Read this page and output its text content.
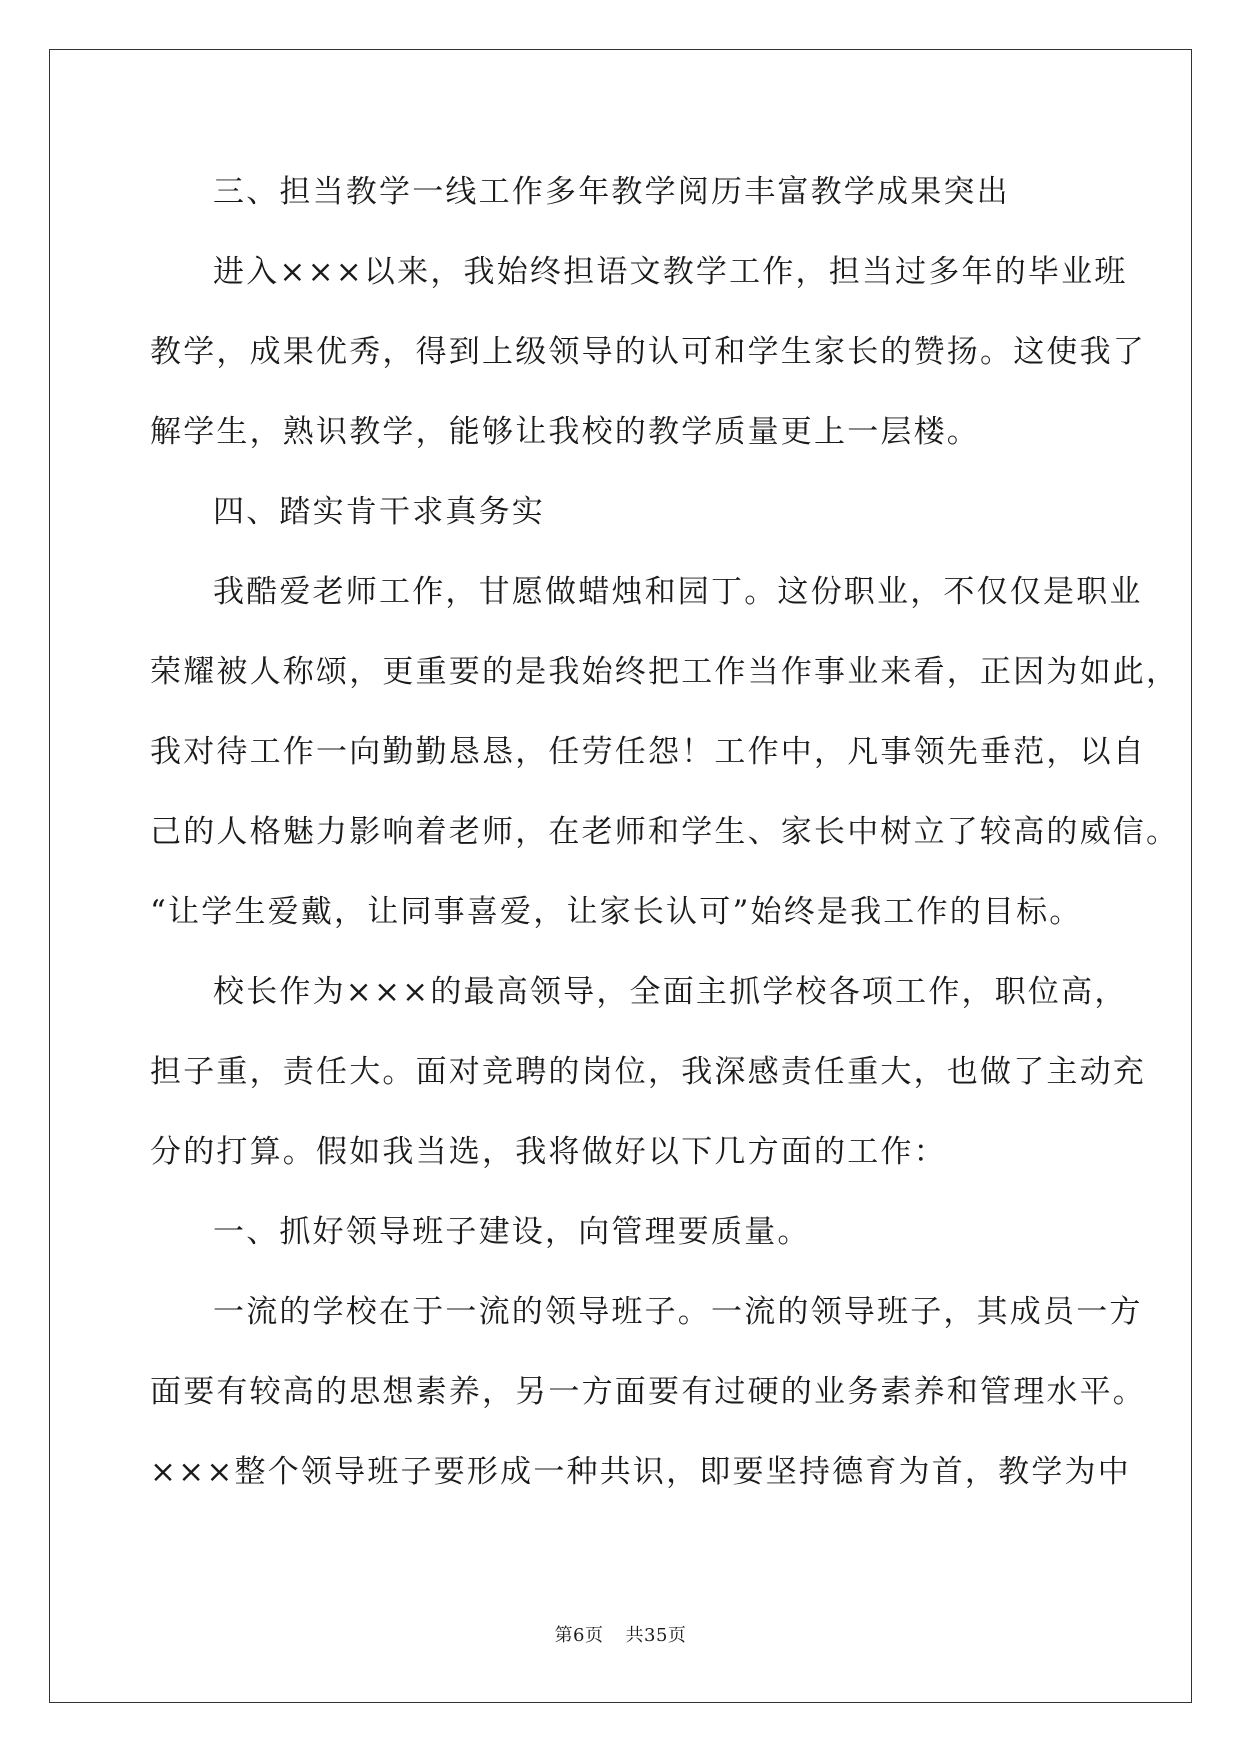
三、担当教学一线工作多年教学阅历丰富教学成果突出
进入×××以来，我始终担语文教学工作，担当过多年的毕业班
教学，成果优秀，得到上级领导的认可和学生家长的赞扬。这使我了
解学生，熟识教学，能够让我校的教学质量更上一层楼。
四、踏实肯干求真务实
我酷爱老师工作，甘愿做蜡烛和园丁。这份职业，不仅仅是职业
荣耀被人称颂，更重要的是我始终把工作当作事业来看，正因为如此，
我对待工作一向勤勤恳恳，任劳任怨！工作中，凡事领先垂范，以自
己的人格魅力影响着老师，在老师和学生、家长中树立了较高的威信。
“让学生爱戴，让同事喜爱，让家长认可”始终是我工作的目标。
校长作为×××的最高领导，全面主抓学校各项工作，职位高，
担子重，责任大。面对竞聘的岗位，我深感责任重大，也做了主动充
分的打算。假如我当选，我将做好以下几方面的工作：
一、抓好领导班子建设，向管理要质量。
一流的学校在于一流的领导班子。一流的领导班子，其成员一方
面要有较高的思想素养，另一方面要有过硬的业务素养和管理水平。
×××整个领导班子要形成一种共识，即要坚持德育为首，教学为中
第6页 共35页
